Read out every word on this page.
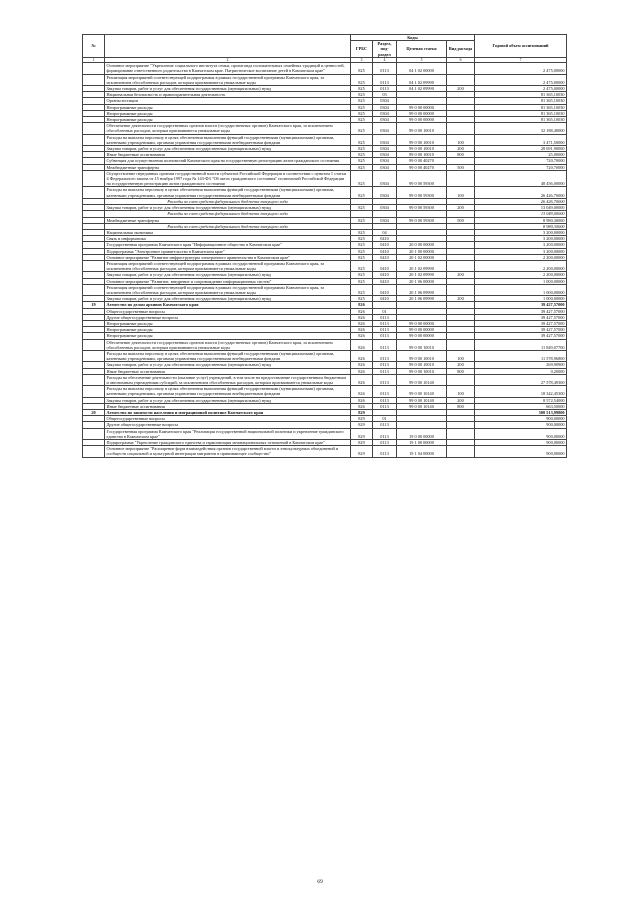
№		Коды				Годовой объем ассигнований
		ГРБС	Раздел, под-раздел	Целевая статья	Вид расхода	
1	2	3	4	5	6	7
	Основное мероприятие "Укрепление социального института семьи, пропаганда положительных семейных традиций и ценностей, формирование ответственного родительства в Камчатском крае. Патриотическое воспитание детей в Камчатском крае"	825	0113	04 1 02 00000		2 475,00000
	Реализация мероприятий соответствующей подпрограммы в рамках государственной программы Камчатского края, за исключением обособленных расходов, которым присваиваются уникальные коды	825	0113	04 1 02 09990		2 475,00000
	Закупка товаров, работ и услуг для обеспечения государственных (муниципальных) нужд	825	0113	04 1 02 09990	200	2 475,00000
	Национальная безопасность и правоохранительная деятельность	825	03			81 365,10030
	Органы юстиции	825	0304			81 365,10030
	Непрограммные расходы	825	0304	99 0 00 00000		81 365,10030
	Непрограммные расходы	825	0304	99 0 00 00000		81 365,10030
	Непрограммные расходы	825	0304	99 0 00 00000		81 365,10030
	Обеспечение деятельности государственных органов власти (государственных органов) Камчатского края, за исключением обособленных расходов, которым присваиваются уникальные коды	825	0304	99 0 00 10010		32 188,40000
	Расходы на выплаты персоналу в целях обеспечения выполнения функций государственными (муниципальными) органами, казенными учреждениями, органами управления государственными внебюджетными фондами	825	0304	99 0 00 10010	100	3 471,50000
	Закупка товаров, работ и услуг для обеспечения государственных (муниципальных) нужд	825	0304	99 0 00 10010	200	28 691,90000
	Иные бюджетные ассигнования	825	0304	99 0 00 10010	800	25,00000
	Субвенция для осуществления полномочий Камчатского края на государственную регистрацию актов гражданского состояния	825	0304	99 0 00 40270		720,70000
	Межбюджетные трансферты	825	0304	99 0 00 40270	500	720,70000
	Осуществление переданных органам государственной власти субъектов Российской Федерации в соответствии с пунктом 1 статьи 4 Федерального закона от 15 ноября 1997 года № 143-ФЗ "Об актах гражданского состояния" полномочий Российской Федерации на государственную регистрацию актов гражданского состояния	825	0304	99 0 00 59300		48 456,00000
	Расходы на выплаты персоналу в целях обеспечения выполнения функций государственными (муниципальными) органами, казенными учреждениями, органами управления государственными внебюджетными фондами	825	0304	99 0 00 59300	100	26 426,70000
	Расходы за счет средств федерального бюджета текущего года					26 426,70000
	Закупка товаров, работ и услуг для обеспечения государственных (муниципальных) нужд	825	0304	99 0 00 59300	200	13 049,00000
	Расходы за счет средств федерального бюджета текущего года					13 049,00000
	Межбюджетные трансферты	825	0304	99 0 00 59300	500	8 980,30000
	Расходы за счет средств федерального бюджета текущего года					8 980,30000
	Национальная экономика	825	04			3 200,00000
	Связь и информатика	825	0410			3 200,00000
	Государственная программа Камчатского края "Информационное общество в Камчатском крае"	825	0410	20 0 00 00000		3 200,00000
	Подпрограмма "Электронное правительство в Камчатском крае"	825	0410	20 1 00 00000		3 200,00000
	Основное мероприятие "Развитие инфраструктуры электронного правительства в Камчатском крае"	825	0410	20 1 02 00000		2 200,00000
	Реализация мероприятий соответствующей подпрограммы в рамках государственной программы Камчатского края, за исключением обособленных расходов, которым присваиваются уникальные коды	825	0410	20 1 02 09990		2 200,00000
	Закупка товаров, работ и услуг для обеспечения государственных (муниципальных) нужд	825	0410	20 1 02 09990	200	2 200,00000
	Основное мероприятие "Развитие, внедрение и сопровождение информационных систем"	825	0410	20 1 06 00000		1 000,00000
	Реализация мероприятий соответствующей подпрограммы в рамках государственной программы Камчатского края, за исключением обособленных расходов, которым присваиваются уникальные коды	825	0410	20 1 06 09990		1 000,00000
	Закупка товаров, работ и услуг для обеспечения государственных (муниципальных) нужд	825	0410	20 1 06 09990	200	1 000,00000
19	Агентство по делам архивов Камчатского края	826				39 427,57000
	Общегосударственные вопросы	826	01			39 427,57000
	Другие общегосударственные вопросы	826	0113			39 427,57000
	Непрограммные расходы	826	0113	99 0 00 00000		39 427,57000
	Непрограммные расходы	826	0113	99 0 00 00000		39 427,57000
	Непрограммные расходы	826	0113	99 0 00 00000		39 427,57000
	Обеспечение деятельности государственных органов власти (государственных органов) Камчатского края, за исключением обособленных расходов, которым присваиваются уникальные коды	826	0113	99 0 00 10010		11 849,07700
	Расходы на выплаты персоналу в целях обеспечения выполнения функций государственными (муниципальными) органами, казенными учреждениями, органами управления государственными внебюджетными фондами	826	0113	99 0 00 10010	100	11 578,96800
	Закупка товаров, работ и услуг для обеспечения государственных (муниципальных) нужд	826	0113	99 0 00 10010	200	269,90900
	Иные бюджетные ассигнования	826	0113	99 0 00 10010	800	0,20000
	Расходы на обеспечение деятельности (оказание услуг) учреждений, в том числе на предоставление государственным бюджетным и автономным учреждениям субсидий, за исключением обособленных расходов, которым присваиваются уникальные коды	826	0113	99 0 00 10140		27 578,49300
	Расходы на выплаты персоналу в целях обеспечения выполнения функций государственными (муниципальными) органами, казенными учреждениями, органами управления государственными внебюджетными фондами	826	0113	99 0 00 10140	100	18 342,45300
	Закупка товаров, работ и услуг для обеспечения государственных (муниципальных) нужд	826	0113	99 0 00 10140	200	8 572,54000
	Иные бюджетные ассигнования	826	0113	99 0 00 10140	800	663,50000
20	Агентство по занятости населения и миграционной политике Камчатского края	829				500 513,99800
	Общегосударственные вопросы	829	01			900,00000
	Другие общегосударственные вопросы	829	0113			900,00000
	Государственная программа Камчатского края "Реализация государственной национальной политики и укрепление гражданского единства в Камчатском крае"	829	0113	19 0 00 00000		900,00000
	Подпрограмма "Укрепление гражданского единства и гармонизация межнациональных отношений в Камчатском крае"	829	0113	19 1 00 00000		900,00000
	Основное мероприятие "Расширение форм взаимодействия органов государственной власти и этнокультурных объединений и сообществ социальной и культурной интеграции мигрантов в принимающее сообщество"	829	0113	19 1 04 00000		900,00000
69
